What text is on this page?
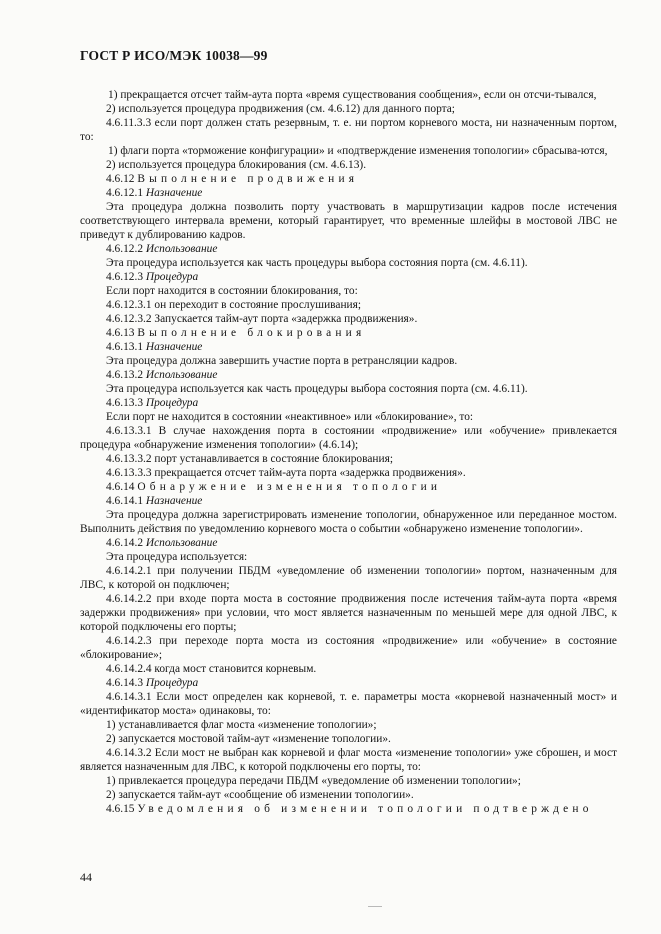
ГОСТ Р ИСО/МЭК 10038—99
1) прекращается отсчет тайм-аута порта «время существования сообщения», если он отсчи-тывался,
2) используется процедура продвижения (см. 4.6.12) для данного порта;
4.6.11.3.3 если порт должен стать резервным, т. е. ни портом корневого моста, ни назначенным портом, то:
1) флаги порта «торможение конфигурации» и «подтверждение изменения топологии» сбрасыва-ются,
2) используется процедура блокирования (см. 4.6.13).
4.6.12 Выполнение продвижения
4.6.12.1 Назначение
Эта процедура должна позволить порту участвовать в маршрутизации кадров после истечения соответствующего интервала времени, который гарантирует, что временные шлейфы в мостовой ЛВС не приведут к дублированию кадров.
4.6.12.2 Использование
Эта процедура используется как часть процедуры выбора состояния порта (см. 4.6.11).
4.6.12.3 Процедура
Если порт находится в состоянии блокирования, то:
4.6.12.3.1 он переходит в состояние прослушивания;
4.6.12.3.2 Запускается тайм-аут порта «задержка продвижения».
4.6.13 Выполнение блокирования
4.6.13.1 Назначение
Эта процедура должна завершить участие порта в ретрансляции кадров.
4.6.13.2 Использование
Эта процедура используется как часть процедуры выбора состояния порта (см. 4.6.11).
4.6.13.3 Процедура
Если порт не находится в состоянии «неактивное» или «блокирование», то:
4.6.13.3.1 В случае нахождения порта в состоянии «продвижение» или «обучение» привлекается процедура «обнаружение изменения топологии» (4.6.14);
4.6.13.3.2 порт устанавливается в состояние блокирования;
4.6.13.3.3 прекращается отсчет тайм-аута порта «задержка продвижения».
4.6.14 Обнаружение изменения топологии
4.6.14.1 Назначение
Эта процедура должна зарегистрировать изменение топологии, обнаруженное или переданное мостом. Выполнить действия по уведомлению корневого моста о событии «обнаружено изменение топологии».
4.6.14.2 Использование
Эта процедура используется:
4.6.14.2.1 при получении ПБДМ «уведомление об изменении топологии» портом, назначенным для ЛВС, к которой он подключен;
4.6.14.2.2 при входе порта моста в состояние продвижения после истечения тайм-аута порта «время задержки продвижения» при условии, что мост является назначенным по меньшей мере для одной ЛВС, к которой подключены его порты;
4.6.14.2.3 при переходе порта моста из состояния «продвижение» или «обучение» в состояние «блокирование»;
4.6.14.2.4 когда мост становится корневым.
4.6.14.3 Процедура
4.6.14.3.1 Если мост определен как корневой, т. е. параметры моста «корневой назначенный мост» и «идентификатор моста» одинаковы, то:
1) устанавливается флаг моста «изменение топологии»;
2) запускается мостовой тайм-аут «изменение топологии».
4.6.14.3.2 Если мост не выбран как корневой и флаг моста «изменение топологии» уже сброшен, и мост является назначенным для ЛВС, к которой подключены его порты, то:
1) привлекается процедура передачи ПБДМ «уведомление об изменении топологии»;
2) запускается тайм-аут «сообщение об изменении топологии».
4.6.15 Уведомления об изменении топологии подтверждено
44
